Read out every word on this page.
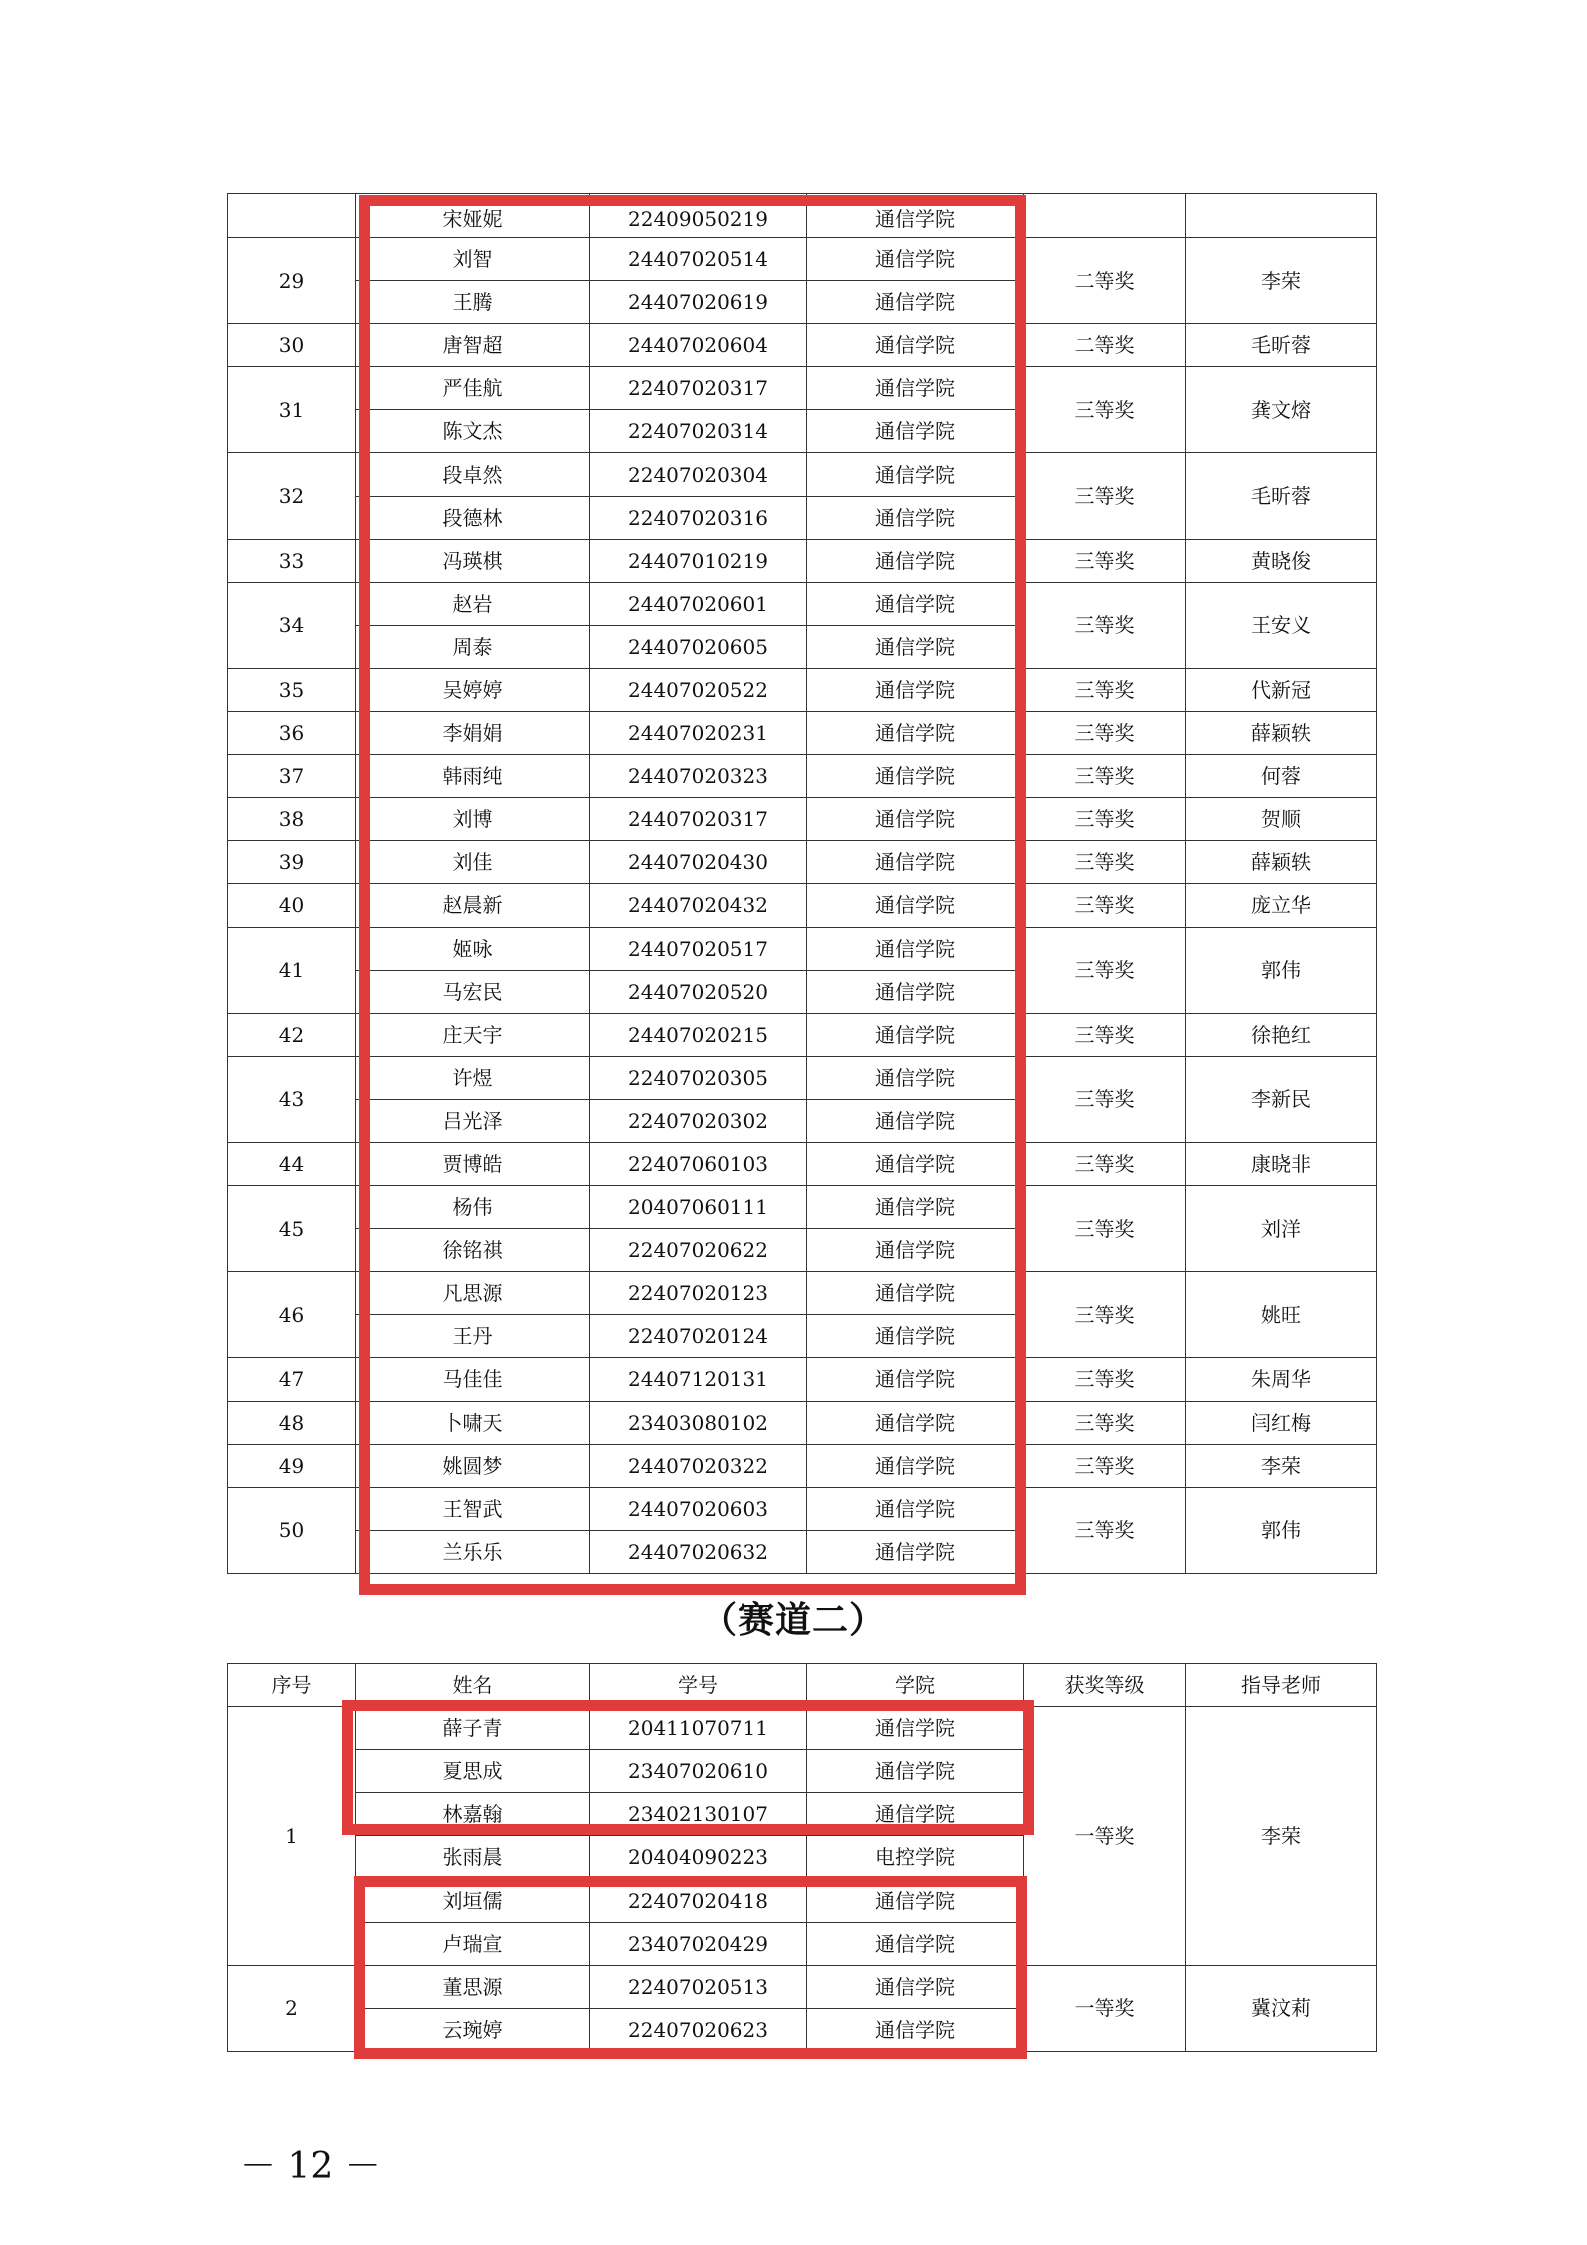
	宋娅妮	22409050219	通信学院		
29	刘智	24407020514	通信学院	二等奖	李荣
	王腾	24407020619	通信学院		
30	唐智超	24407020604	通信学院	二等奖	毛昕蓉
31	严佳航	22407020317	通信学院	三等奖	龚文熔
	陈文杰	22407020314	通信学院		
32	段卓然	22407020304	通信学院	三等奖	毛昕蓉
	段德林	22407020316	通信学院		
33	冯瑛棋	24407010219	通信学院	三等奖	黄晓俊
34	赵岩	24407020601	通信学院	三等奖	王安义
	周泰	24407020605	通信学院		
35	吴婷婷	24407020522	通信学院	三等奖	代新冠
36	李娟娟	24407020231	通信学院	三等奖	薛颖轶
37	韩雨纯	24407020323	通信学院	三等奖	何蓉
38	刘博	24407020317	通信学院	三等奖	贺顺
39	刘佳	24407020430	通信学院	三等奖	薛颖轶
40	赵晨新	24407020432	通信学院	三等奖	庞立华
41	姬咏	24407020517	通信学院	三等奖	郭伟
	马宏民	24407020520	通信学院		
42	庄天宇	24407020215	通信学院	三等奖	徐艳红
43	许煜	22407020305	通信学院	三等奖	李新民
	吕光泽	22407020302	通信学院		
44	贾博皓	22407060103	通信学院	三等奖	康晓非
45	杨伟	20407060111	通信学院	三等奖	刘洋
	徐铭祺	22407020622	通信学院		
46	凡思源	22407020123	通信学院	三等奖	姚旺
	王丹	22407020124	通信学院		
47	马佳佳	24407120131	通信学院	三等奖	朱周华
48	卜啸天	23403080102	通信学院	三等奖	闫红梅
49	姚圆梦	24407020322	通信学院	三等奖	李荣
50	王智武	24407020603	通信学院	三等奖	郭伟
	兰乐乐	24407020632	通信学院		
（赛道二）
序号	姓名	学号	学院	获奖等级	指导老师
1	薛子青	20411070711	通信学院	一等奖	李荣
	夏思成	23407020610	通信学院		
	林嘉翰	23402130107	通信学院		
	张雨晨	20404090223	电控学院		
	刘垣儒	22407020418	通信学院		
	卢瑞宣	23407020429	通信学院		
2	董思源	22407020513	通信学院	一等奖	冀汶莉
	云琬婷	22407020623	通信学院		
－ 12 －
